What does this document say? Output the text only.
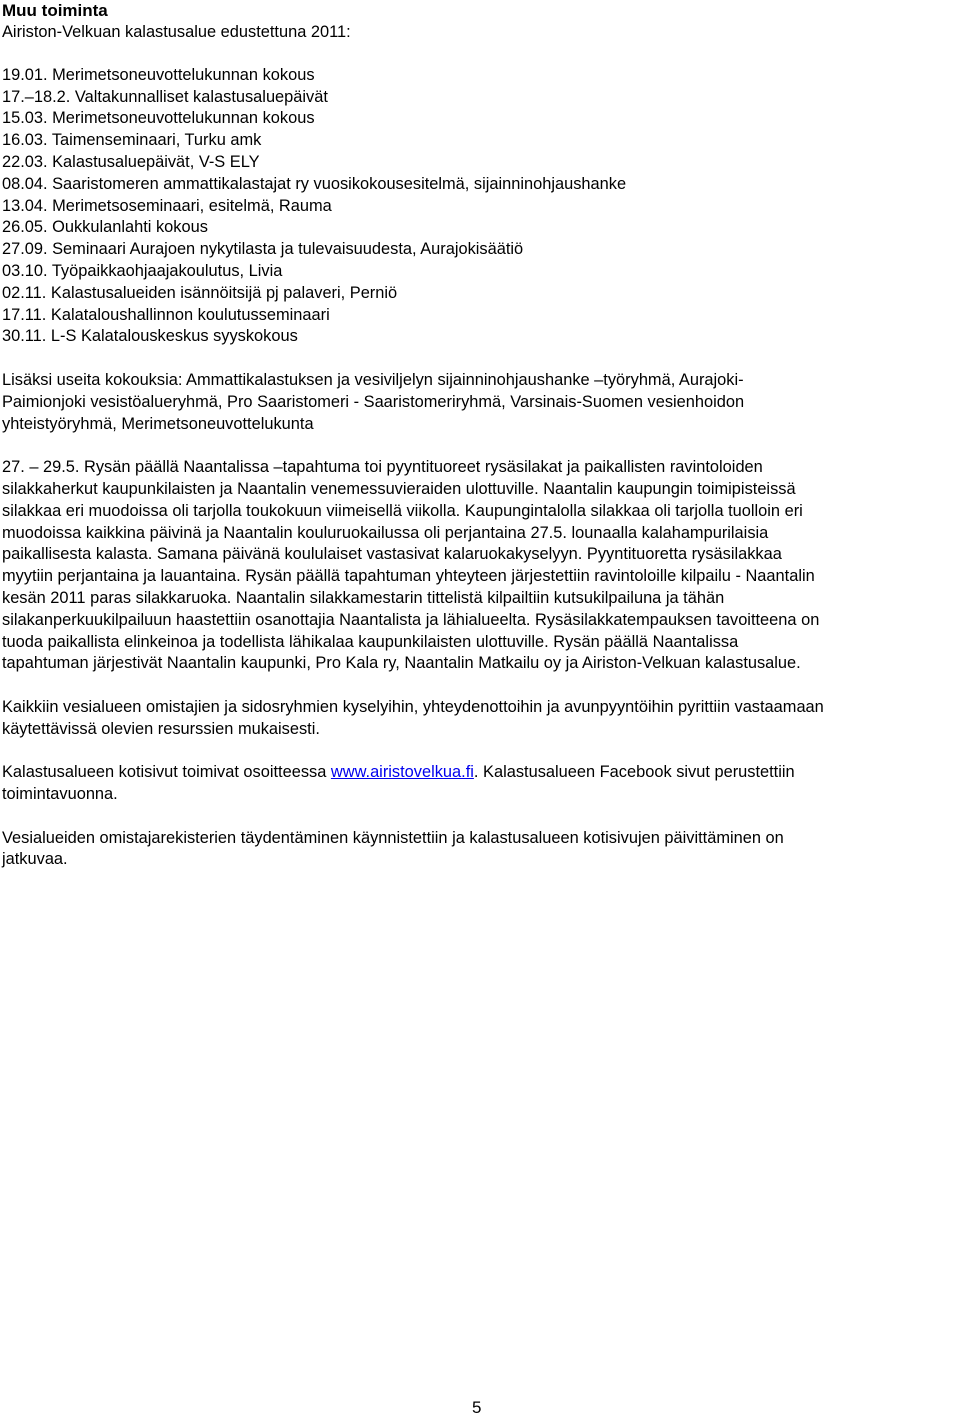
Muu toiminta

Airiston-Velkuan kalastusalue edustettuna 2011:

19.01. Merimetsoneuvottelukunnan kokous

17.–18.2. Valtakunnalliset kalastusaluepäivät

15.03. Merimetsoneuvottelukunnan kokous

16.03. Taimenseminaari, Turku amk

22.03. Kalastusaluepäivät, V-S ELY

08.04. Saaristomeren ammattikalastajat ry vuosikokousesitelmä, sijainninohjaushanke

13.04. Merimetsoseminaari, esitelmä, Rauma

26.05. Oukkulanlahti kokous

27.09. Seminaari Aurajoen nykytilasta ja tulevaisuudesta, Aurajokisäätiö

03.10. Työpaikkaohjaajakoulutus, Livia

02.11. Kalastusalueiden isännöitsijä pj palaveri, Perniö

17.11. Kalataloushallinnon koulutusseminaari

30.11. L-S Kalatalouskeskus syyskokous

Lisäksi useita kokouksia: Ammattikalastuksen ja vesiviljelyn sijainninohjaushanke –työryhmä, Aurajoki-

Paimionjoki vesistöalueryhmä, Pro Saaristomeri - Saaristomeriryhmä, Varsinais-Suomen vesienhoidon

yhteistyöryhmä, Merimetsoneuvottelukunta

27. – 29.5. Rysän päällä Naantalissa –tapahtuma toi pyyntituoreet rysäsilakat ja paikallisten ravintoloiden

silakkaherkut kaupunkilaisten ja Naantalin venemessuvieraiden ulottuville. Naantalin kaupungin toimipisteissä

silakkaa eri muodoissa oli tarjolla toukokuun viimeisellä viikolla. Kaupungintalolla silakkaa oli tarjolla tuolloin eri

muodoissa kaikkina päivinä ja Naantalin kouluruokailussa oli perjantaina 27.5. lounaalla kalahampurilaisia

paikallisesta kalasta. Samana päivänä koululaiset vastasivat kalaruokakyselyyn. Pyyntituoretta rysäsilakkaa

myytiin perjantaina ja lauantaina. Rysän päällä tapahtuman yhteyteen järjestettiin ravintoloille kilpailu - Naantalin

kesän 2011 paras silakkaruoka. Naantalin silakkamestarin tittelistä kilpailtiin kutsukilpailuna ja tähän

silakanperkuukilpailuun haastettiin osanottajia Naantalista ja lähialueelta. Rysäsilakkatempauksen tavoitteena on

tuoda paikallista elinkeinoa ja todellista lähikalaa kaupunkilaisten ulottuville. Rysän päällä Naantalissa

tapahtuman järjestivät Naantalin kaupunki, Pro Kala ry, Naantalin Matkailu oy ja Airiston-Velkuan kalastusalue.

Kaikkiin vesialueen omistajien ja sidosryhmien kyselyihin, yhteydenottoihin ja avunpyyntöihin pyrittiin vastaamaan

käytettävissä olevien resurssien mukaisesti.

Kalastusalueen kotisivut toimivat osoitteessa www.airistovelkua.fi. Kalastusalueen Facebook sivut perustettiin

toimintavuonna.

Vesialueiden omistajarekisterien täydentäminen käynnistettiin ja kalastusalueen kotisivujen päivittäminen on

jatkuvaa.

5
